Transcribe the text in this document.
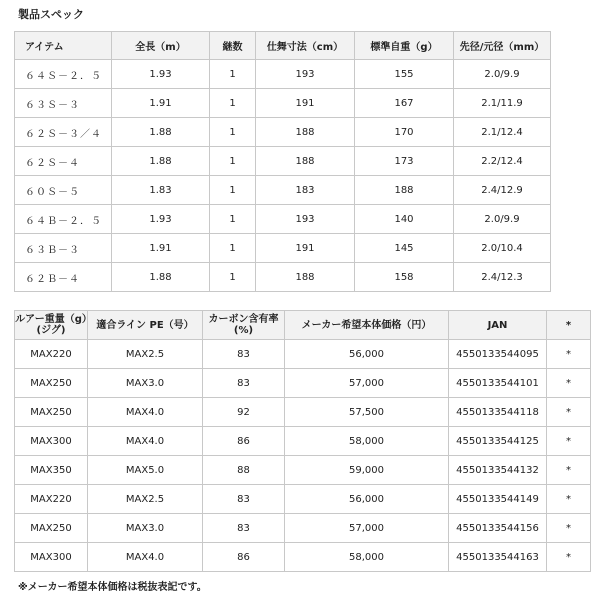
製品スペック
アイテム	全長（m）	継数	仕舞寸法（cm）	標準自重（g）	先径/元径（mm）
６４Ｓ－２．５	1.93	1	193	155	2.0/9.9
６３Ｓ－３	1.91	1	191	167	2.1/11.9
６２Ｓ－３／４	1.88	1	188	170	2.1/12.4
６２Ｓ－４	1.88	1	188	173	2.2/12.4
６０Ｓ－５	1.83	1	183	188	2.4/12.9
６４Ｂ－２．５	1.93	1	193	140	2.0/9.9
６３Ｂ－３	1.91	1	191	145	2.0/10.4
６２Ｂ－４	1.88	1	188	158	2.4/12.3
ルアー重量（g）(ジグ)	適合ライン PE（号）	カーボン含有率(%)	メーカー希望本体価格（円）	JAN	*
MAX220	MAX2.5	83	56,000	4550133544095	*
MAX250	MAX3.0	83	57,000	4550133544101	*
MAX250	MAX4.0	92	57,500	4550133544118	*
MAX300	MAX4.0	86	58,000	4550133544125	*
MAX350	MAX5.0	88	59,000	4550133544132	*
MAX220	MAX2.5	83	56,000	4550133544149	*
MAX250	MAX3.0	83	57,000	4550133544156	*
MAX300	MAX4.0	86	58,000	4550133544163	*
※メーカー希望本体価格は税抜表記です。
